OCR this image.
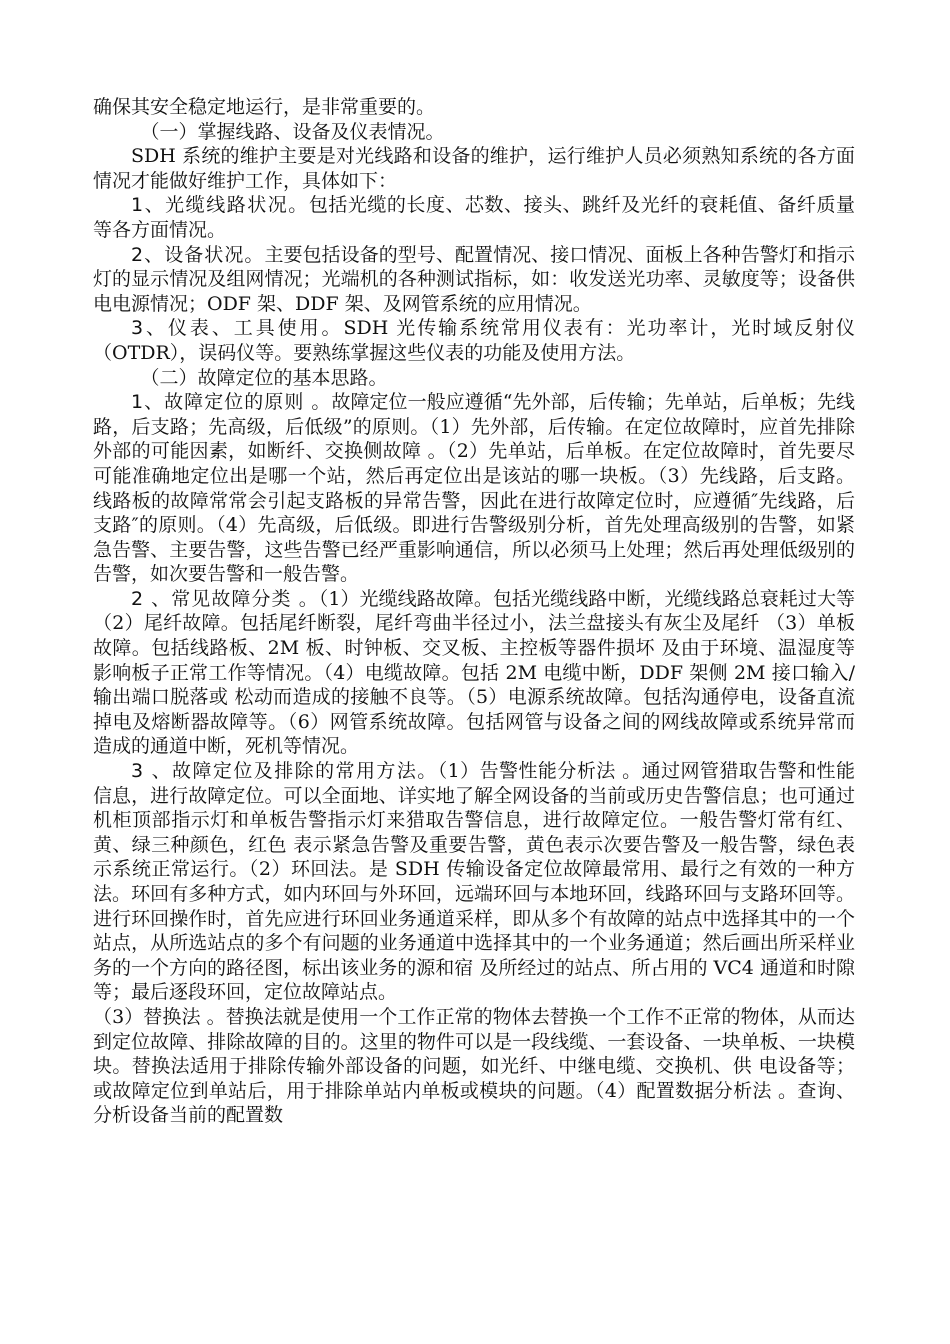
确保其安全稳定地运行，是非常重要的。

（一）掌握线路、设备及仪表情况。

SDH 系统的维护主要是对光线路和设备的维护，运行维护人员必须熟知系统的各方面情况才能做好维护工作，具体如下：

1、光缆线路状况。包括光缆的长度、芯数、接头、跳纤及光纤的衰耗值、备纤质量等各方面情况。

2、设备状况。主要包括设备的型号、配置情况、接口情况、面板上各种告警灯和指示灯的显示情况及组网情况；光端机的各种测试指标，如：收发送光功率、灵敏度等；设备供电电源情况；ODF 架、DDF 架、及网管系统的应用情况。

3、仪表、工具使用。SDH 光传输系统常用仪表有：光功率计，光时域反射仪（OTDR），误码仪等。要熟练掌握这些仪表的功能及使用方法。

（二）故障定位的基本思路。

1、故障定位的原则 。故障定位一般应遵循“先外部，后传输；先单站，后单板；先线路，后支路；先高级，后低级”的原则。（1）先外部，后传输。在定位故障时，应首先排除外部的可能因素，如断纤、交换侧故障 。（2）先单站，后单板。在定位故障时，首先要尽可能准确地定位出是哪一个站，然后再定位出是该站的哪一块板。（3）先线路，后支路。线路板的故障常常会引起支路板的异常告警，因此在进行故障定位时，应遵循″先线路，后支路″的原则。（4）先高级，后低级。即进行告警级别分析，首先处理高级别的告警，如紧急告警、主要告警，这些告警已经严重影响通信，所以必须马上处理；然后再处理低级别的告警，如次要告警和一般告警。

2 、常见故障分类 。（1）光缆线路故障。包括光缆线路中断，光缆线路总衰耗过大等（2）尾纤故障。包括尾纤断裂，尾纤弯曲半径过小，法兰盘接头有灰尘及尾纤 （3）单板故障。包括线路板、2M 板、时钟板、交叉板、主控板等器件损坏 及由于环境、温湿度等影响板子正常工作等情况。（4）电缆故障。包括 2M 电缆中断，DDF 架侧 2M 接口输入/输出端口脱落或 松动而造成的接触不良等。（5）电源系统故障。包括沟通停电，设备直流掉电及熔断器故障等。（6）网管系统故障。包括网管与设备之间的网线故障或系统异常而造成的通道中断，死机等情况。

3 、故障定位及排除的常用方法。（1）告警性能分析法 。通过网管猎取告警和性能信息，进行故障定位。可以全面地、详实地了解全网设备的当前或历史告警信息；也可通过机柜顶部指示灯和单板告警指示灯来猎取告警信息，进行故障定位。一般告警灯常有红、黄、绿三种颜色，红色 表示紧急告警及重要告警，黄色表示次要告警及一般告警，绿色表示系统正常运行。（2）环回法。是 SDH 传输设备定位故障最常用、最行之有效的一种方法。环回有多种方式，如内环回与外环回，远端环回与本地环回，线路环回与支路环回等。进行环回操作时，首先应进行环回业务通道采样，即从多个有故障的站点中选择其中的一个站点，从所选站点的多个有问题的业务通道中选择其中的一个业务通道；然后画出所采样业务的一个方向的路径图，标出该业务的源和宿 及所经过的站点、所占用的 VC4 通道和时隙等；最后逐段环回，定位故障站点。

（3）替换法 。替换法就是使用一个工作正常的物体去替换一个工作不正常的物体，从而达到定位故障、排除故障的目的。这里的物件可以是一段线缆、一套设备、一块单板、一块模块。替换法适用于排除传输外部设备的问题，如光纤、中继电缆、交换机、供 电设备等；或故障定位到单站后，用于排除单站内单板或模块的问题。（4）配置数据分析法 。查询、分析设备当前的配置数
